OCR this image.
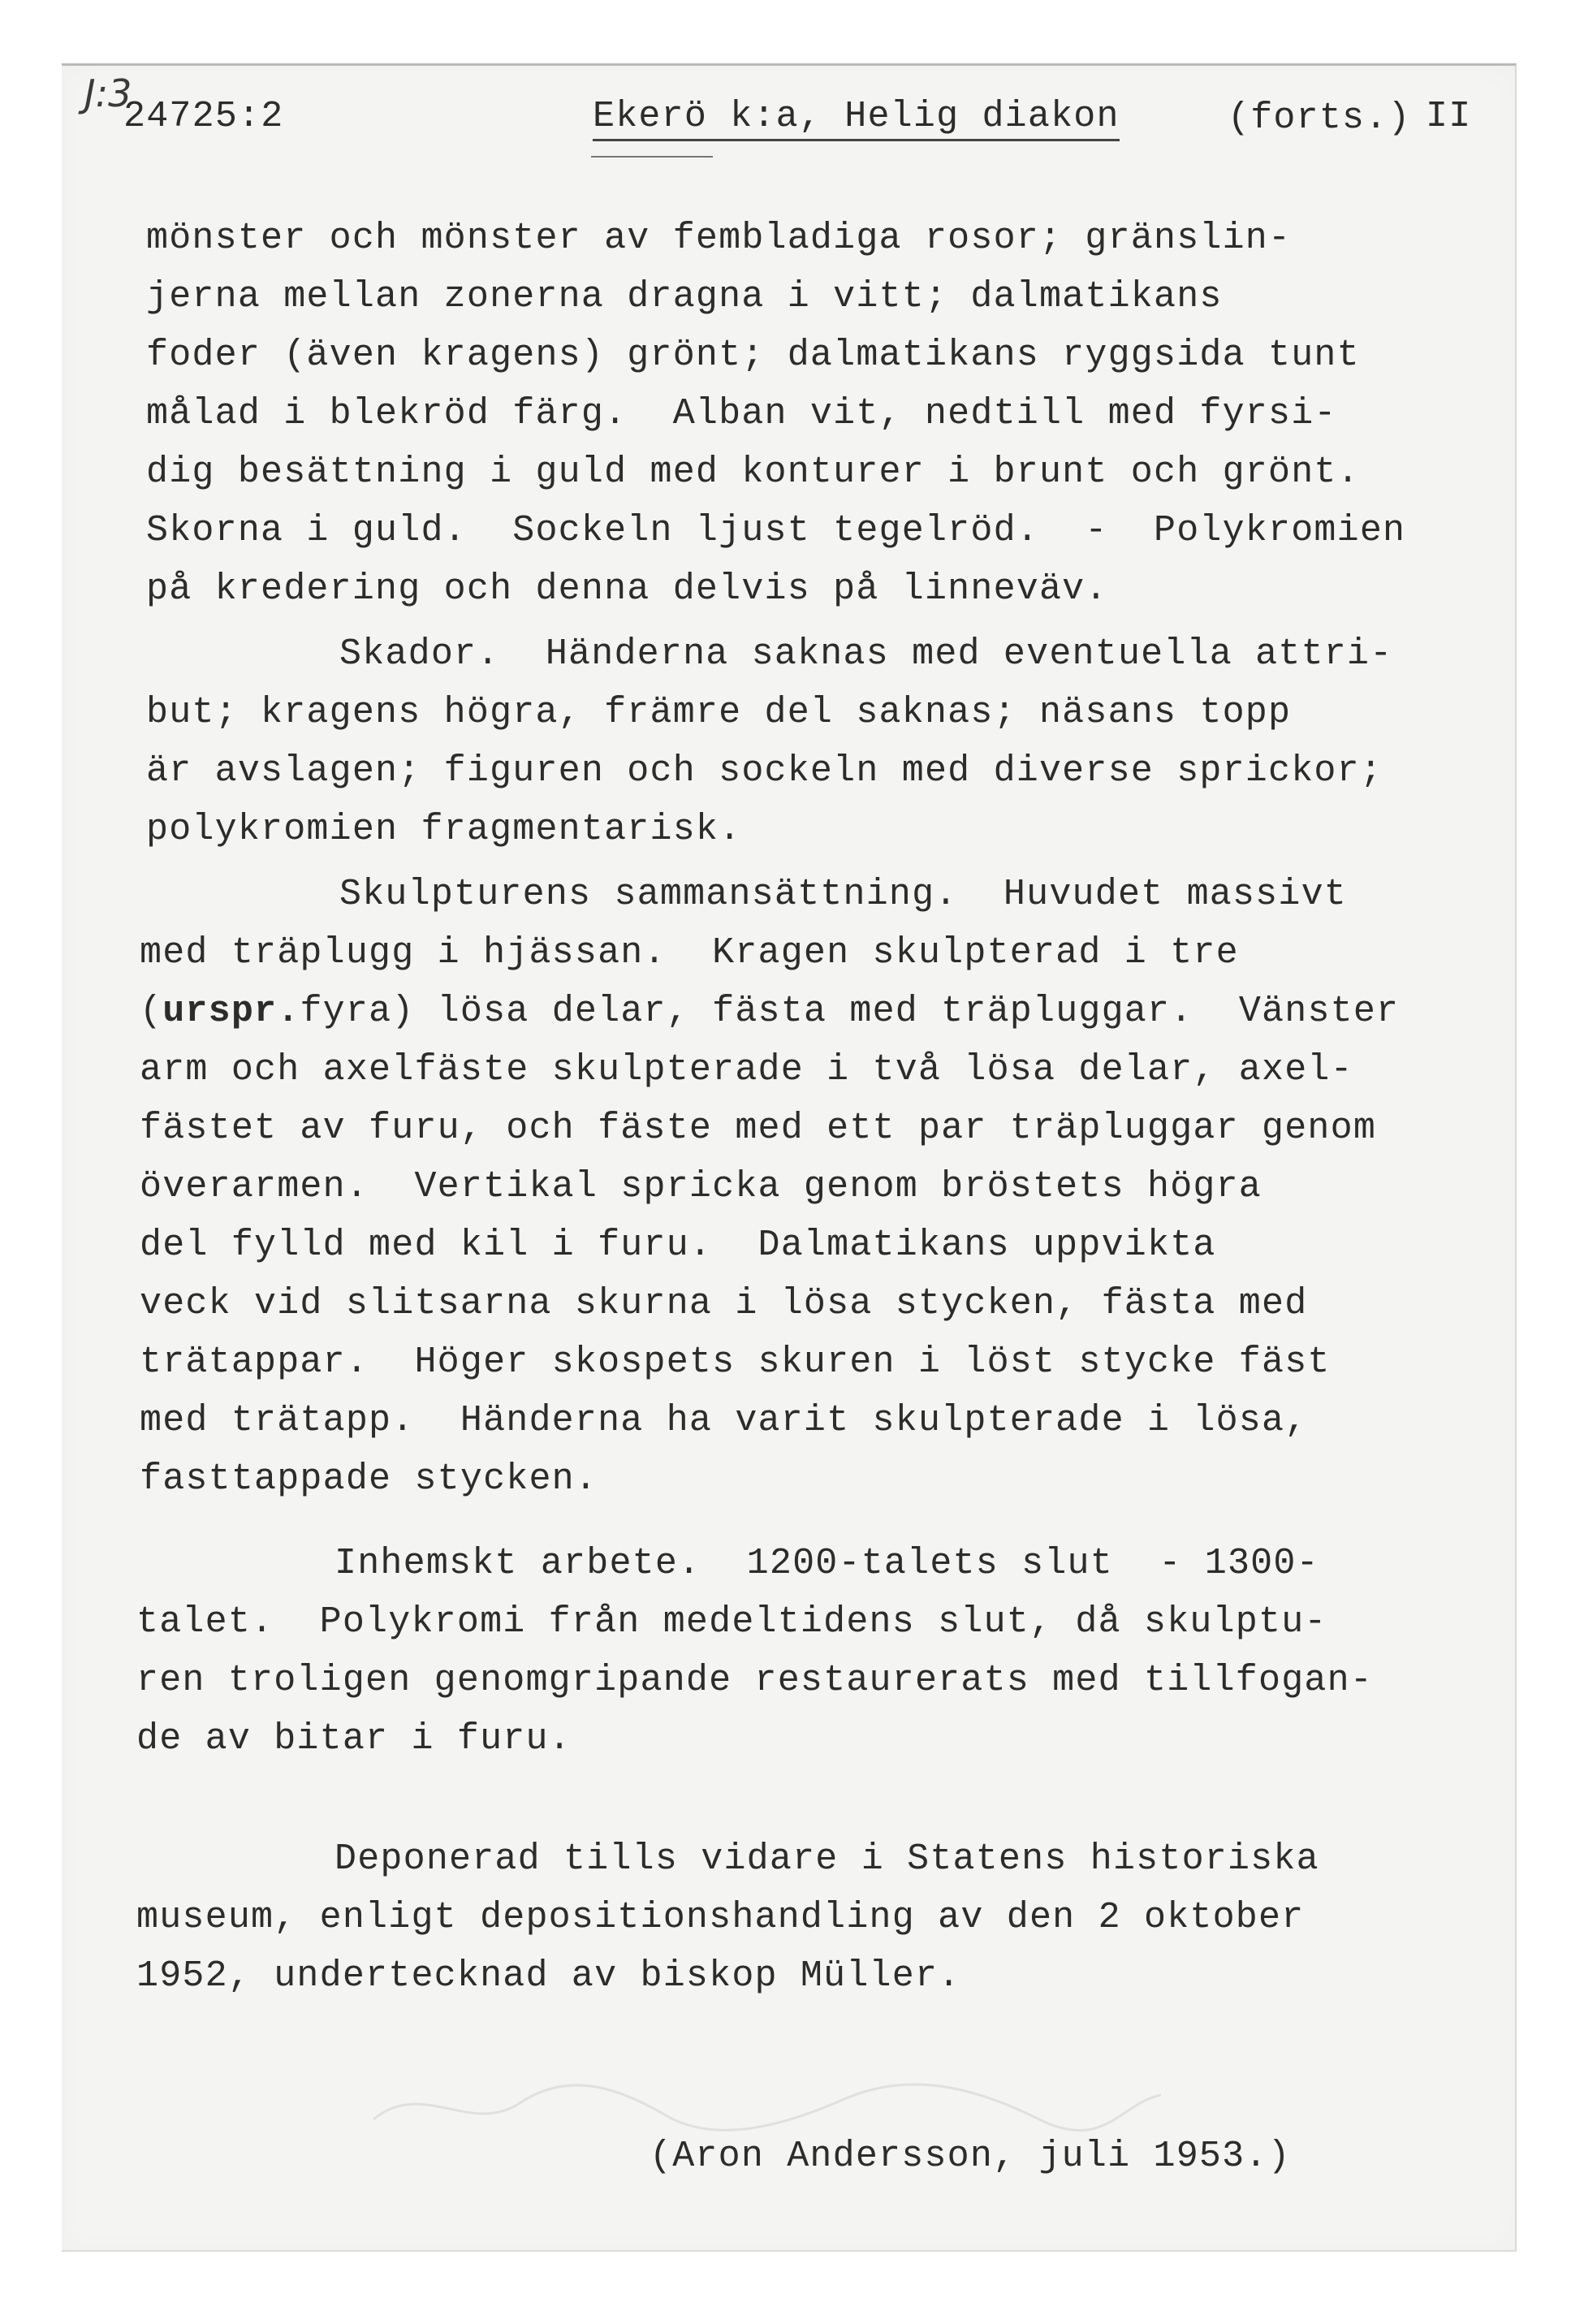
J:3
24725:2	Ekerö k:a, Helig diakon	(forts.) II
mönster och mönster av fembladiga rosor; gränslin-
jerna mellan zonerna dragna i vitt; dalmatikans
foder (även kragens) grönt; dalmatikans ryggsida tunt
målad i blekröd färg.  Alban vit, nedtill med fyrsi-
dig besättning i guld med konturer i brunt och grönt.
Skorna i guld.  Sockeln ljust tegelröd.  -  Polykromien
på kredering och denna delvis på linneväv.
Skador.  Händerna saknas med eventuella attri-
but; kragens högra, främre del saknas; näsans topp
är avslagen; figuren och sockeln med diverse sprickor;
polykromien fragmentarisk.
Skulpturens sammansättning.  Huvudet massivt
med träplugg i hjässan.  Kragen skulpterad i tre
(urspr.fyra) lösa delar, fästa med träpluggar.  Vänster
arm och axelfäste skulpterade i två lösa delar, axel-
fästet av furu, och fäste med ett par träpluggar genom
överarmen.  Vertikal spricka genom bröstets högra
del fylld med kil i furu.  Dalmatikans uppvikta
veck vid slitsarna skurna i lösa stycken, fästa med
trätappar.  Höger skospets skuren i löst stycke fäst
med trätapp.  Händerna ha varit skulpterade i lösa,
fasttappade stycken.
Inhemskt arbete.  1200-talets slut  - 1300-
talet.  Polykromi från medeltidens slut, då skulptu-
ren troligen genomgripande restaurerats med tillfogan-
de av bitar i furu.
Deponerad tills vidare i Statens historiska
museum, enligt depositionshandling av den 2 oktober
1952, undertecknad av biskop Müller.
(Aron Andersson, juli 1953.)
